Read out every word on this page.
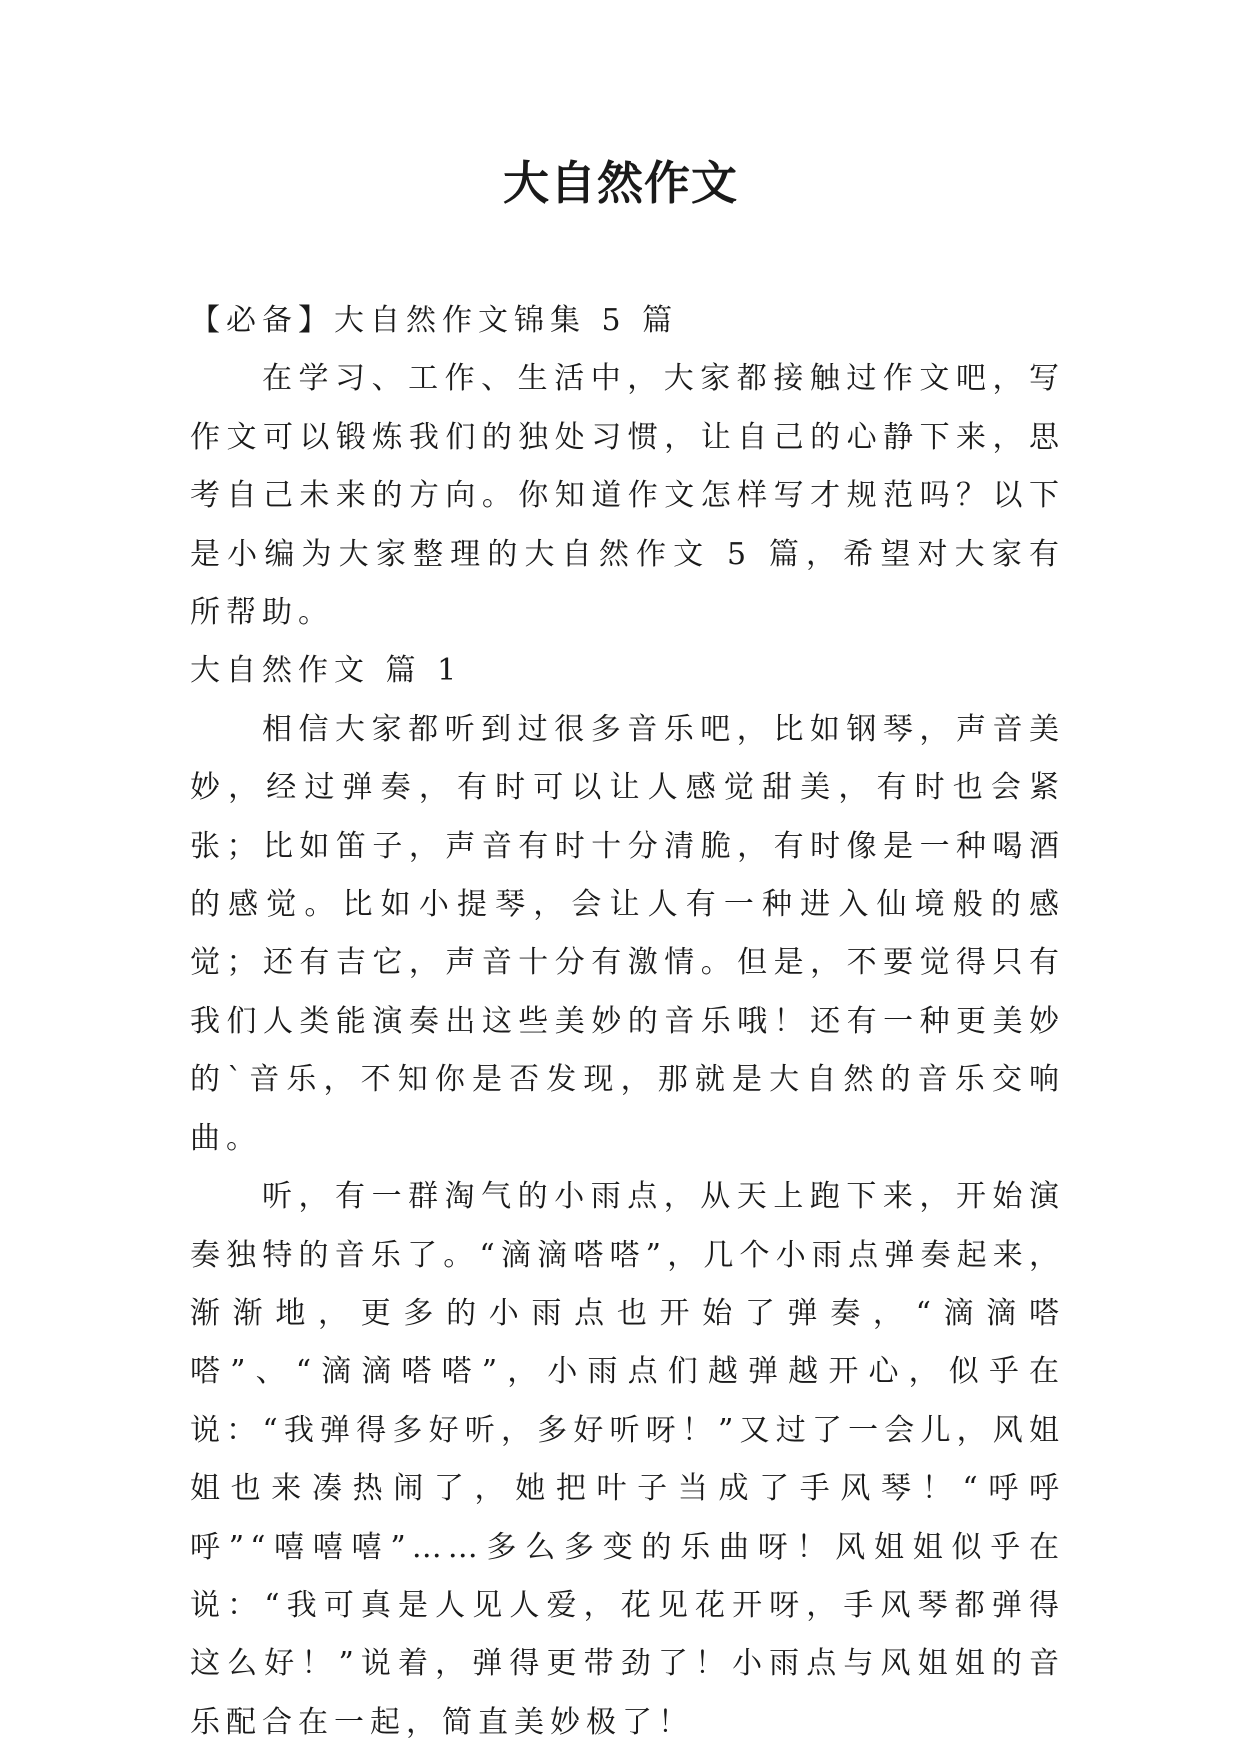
大自然作文

【必备】大自然作文锦集 5 篇

在学习、工作、生活中，大家都接触过作文吧，写作文可以锻炼我们的独处习惯，让自己的心静下来，思考自己未来的方向。你知道作文怎样写才规范吗？以下是小编为大家整理的大自然作文 5 篇，希望对大家有所帮助。

大自然作文 篇 1

相信大家都听到过很多音乐吧，比如钢琴，声音美妙，经过弹奏，有时可以让人感觉甜美，有时也会紧张；比如笛子，声音有时十分清脆，有时像是一种喝酒的感觉。比如小提琴，会让人有一种进入仙境般的感觉；还有吉它，声音十分有激情。但是，不要觉得只有我们人类能演奏出这些美妙的音乐哦！还有一种更美妙的`音乐，不知你是否发现，那就是大自然的音乐交响曲。

听，有一群淘气的小雨点，从天上跑下来，开始演奏独特的音乐了。“滴滴嗒嗒”，几个小雨点弹奏起来，渐渐地，更多的小雨点也开始了弹奏，“滴滴嗒嗒”、“滴滴嗒嗒”，小雨点们越弹越开心，似乎在说：“我弹得多好听，多好听呀！”又过了一会儿，风姐姐也来凑热闹了，她把叶子当成了手风琴！“呼呼呼”“嘻嘻嘻”……多么多变的乐曲呀！风姐姐似乎在说：“我可真是人见人爱，花见花开呀，手风琴都弹得这么好！”说着，弹得更带劲了！小雨点与风姐姐的音乐配合在一起，简直美妙极了！
